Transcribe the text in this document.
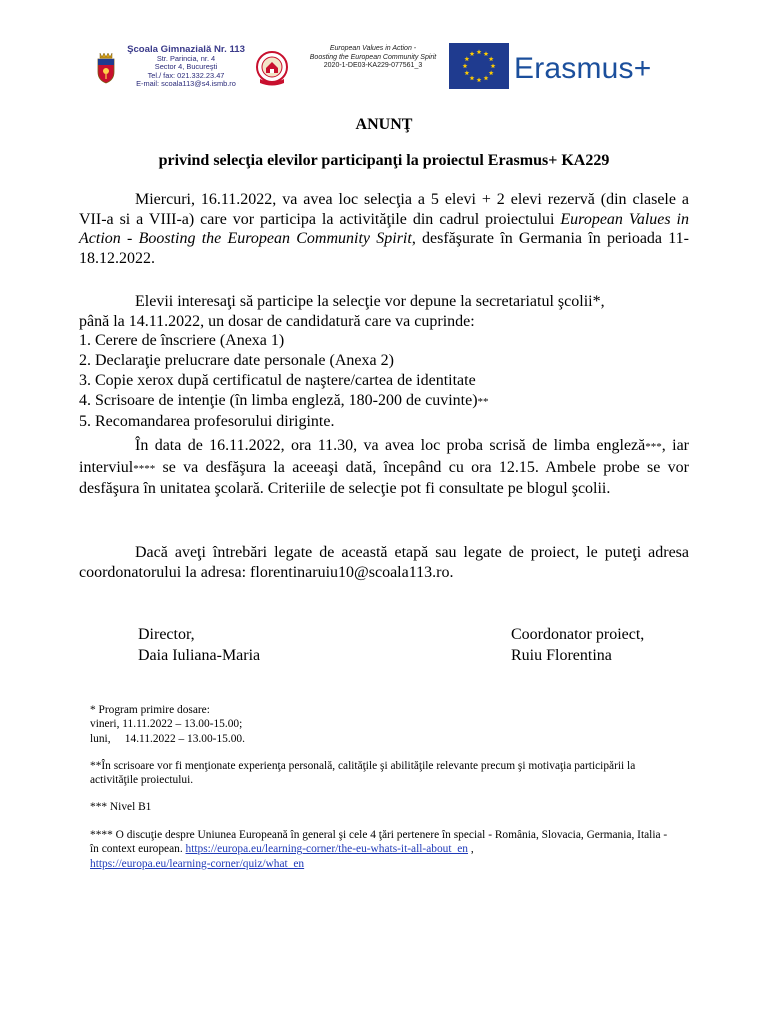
Şcoala Gimnazială Nr. 113
Str. Parincia, nr. 4
Sector 4, Bucureşti
Tel./ fax: 021.332.23.47
E-mail: scoala113@s4.ismb.ro
European Values in Action -
Boosting the European Community Spirit
2020-1-DE03-KA229-077561_3	Erasmus+
ANUNŢ
privind selecţia elevilor participanţi la proiectul Erasmus+ KA229

Miercuri, 16.11.2022, va avea loc selecţia a 5 elevi + 2 elevi rezervă (din clasele a VII-a si a VIII-a) care vor participa la activităţile din cadrul proiectului European Values in Action - Boosting the European Community Spirit, desfăşurate în Germania în perioada 11-18.12.2022.

Elevii interesaţi să participe la selecţie vor depune la secretariatul şcolii*,
până la 14.11.2022, un dosar de candidatură care va cuprinde:
1. Cerere de înscriere (Anexa 1)
2. Declaraţie prelucrare date personale (Anexa 2)
3. Copie xerox după certificatul de naştere/cartea de identitate
4. Scrisoare de intenţie (în limba engleză, 180-200 de cuvinte)**
5. Recomandarea profesorului diriginte.

În data de 16.11.2022, ora 11.30, va avea loc proba scrisă de limba engleză***, iar interviul**** se va desfăşura la aceeaşi dată, începând cu ora 12.15. Ambele probe se vor desfăşura în unitatea şcolară. Criteriile de selecţie pot fi consultate pe blogul şcolii.

Dacă aveţi întrebări legate de această etapă sau legate de proiect, le puteţi adresa coordonatorului la adresa: florentinaruiu10@scoala113.ro.

Director,
Daia Iuliana-Maria
Coordonator proiect,
Ruiu Florentina
* Program primire dosare:
vineri, 11.11.2022 – 13.00-15.00;
luni,     14.11.2022 – 13.00-15.00.
**În scrisoare vor fi menţionate experienţa personală, calităţile şi abilităţile relevante precum şi motivaţia participării la activităţile proiectului.
*** Nivel B1
**** O discuţie despre Uniunea Europeană în general şi cele 4 ţări pertenere în special - România, Slovacia, Germania, Italia - în context european. https://europa.eu/learning-corner/the-eu-whats-it-all-about_en ,
https://europa.eu/learning-corner/quiz/what_en
